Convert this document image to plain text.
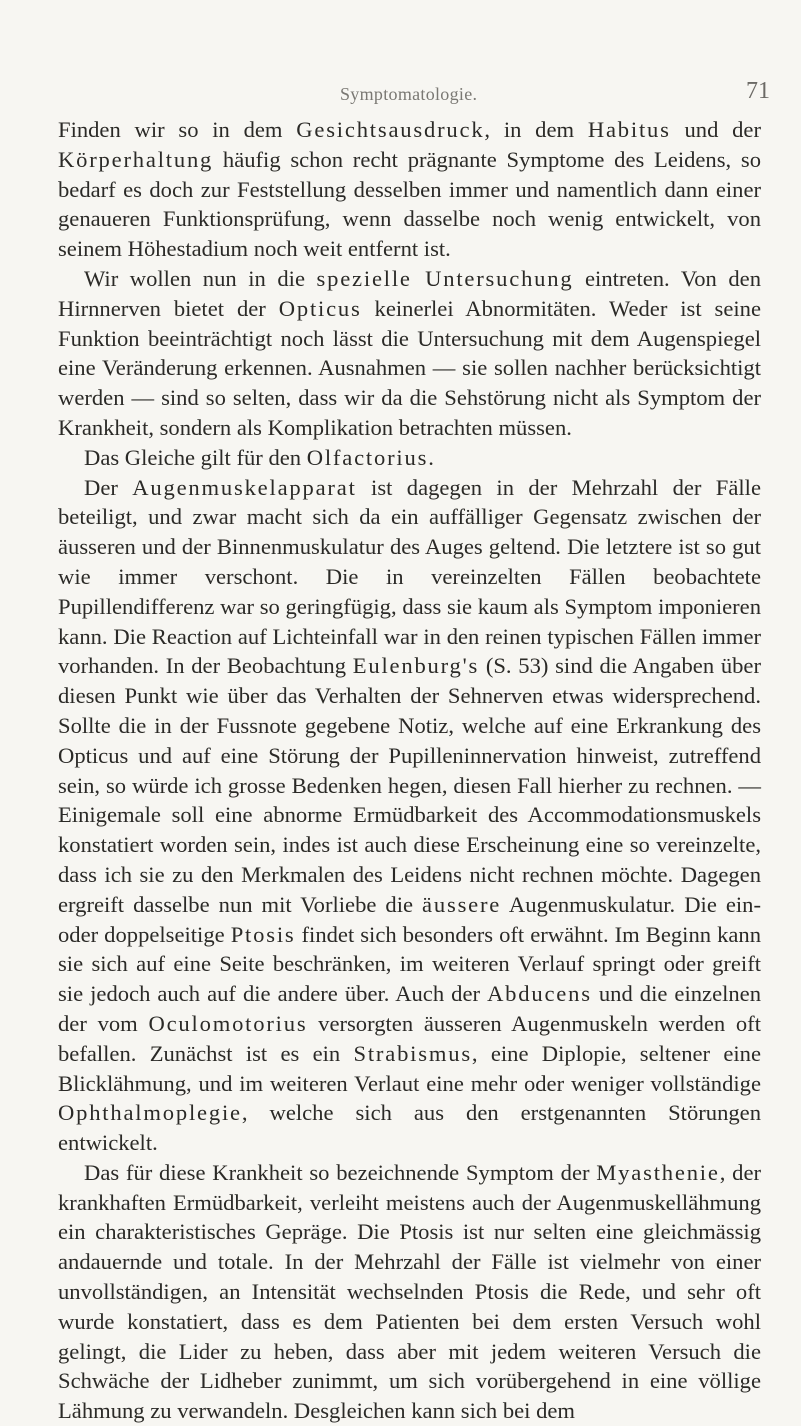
Symptomatologie.	71

Finden wir so in dem Gesichtsausdruck, in dem Habitus und der Körperhaltung häufig schon recht prägnante Symptome des Leidens, so bedarf es doch zur Feststellung desselben immer und namentlich dann einer genaueren Funktionsprüfung, wenn dasselbe noch wenig entwickelt, von seinem Höhestadium noch weit entfernt ist.

Wir wollen nun in die spezielle Untersuchung eintreten. Von den Hirnnerven bietet der Opticus keinerlei Abnormitäten. Weder ist seine Funktion beeinträchtigt noch lässt die Untersuchung mit dem Augenspiegel eine Veränderung erkennen. Ausnahmen — sie sollen nachher berücksichtigt werden — sind so selten, dass wir da die Sehstörung nicht als Symptom der Krankheit, sondern als Komplikation betrachten müssen.

Das Gleiche gilt für den Olfactorius.

Der Augenmuskelapparat ist dagegen in der Mehrzahl der Fälle beteiligt, und zwar macht sich da ein auffälliger Gegensatz zwischen der äusseren und der Binnenmuskulatur des Auges geltend. Die letztere ist so gut wie immer verschont. Die in vereinzelten Fällen beobachtete Pupillendifferenz war so geringfügig, dass sie kaum als Symptom imponieren kann. Die Reaction auf Lichteinfall war in den reinen typischen Fällen immer vorhanden. In der Beobachtung Eulenburg's (S. 53) sind die Angaben über diesen Punkt wie über das Verhalten der Sehnerven etwas widersprechend. Sollte die in der Fussnote gegebene Notiz, welche auf eine Erkrankung des Opticus und auf eine Störung der Pupilleninnervation hinweist, zutreffend sein, so würde ich grosse Bedenken hegen, diesen Fall hierher zu rechnen. — Einigemale soll eine abnorme Ermüdbarkeit des Accommodationsmuskels konstatiert worden sein, indes ist auch diese Erscheinung eine so vereinzelte, dass ich sie zu den Merkmalen des Leidens nicht rechnen möchte. Dagegen ergreift dasselbe nun mit Vorliebe die äussere Augenmuskulatur. Die ein- oder doppelseitige Ptosis findet sich besonders oft erwähnt. Im Beginn kann sie sich auf eine Seite beschränken, im weiteren Verlauf springt oder greift sie jedoch auch auf die andere über. Auch der Abducens und die einzelnen der vom Oculomotorius versorgten äusseren Augenmuskeln werden oft befallen. Zunächst ist es ein Strabismus, eine Diplopie, seltener eine Blicklähmung, und im weiteren Verlaut eine mehr oder weniger vollständige Ophthalmoplegie, welche sich aus den erstgenannten Störungen entwickelt.

Das für diese Krankheit so bezeichnende Symptom der Myasthenie, der krankhaften Ermüdbarkeit, verleiht meistens auch der Augenmuskellähmung ein charakteristisches Gepräge. Die Ptosis ist nur selten eine gleichmässig andauernde und totale. In der Mehrzahl der Fälle ist vielmehr von einer unvollständigen, an Intensität wechselnden Ptosis die Rede, und sehr oft wurde konstatiert, dass es dem Patienten bei dem ersten Versuch wohl gelingt, die Lider zu heben, dass aber mit jedem weiteren Versuch die Schwäche der Lidheber zunimmt, um sich vorübergehend in eine völlige Lähmung zu verwandeln. Desgleichen kann sich bei dem
